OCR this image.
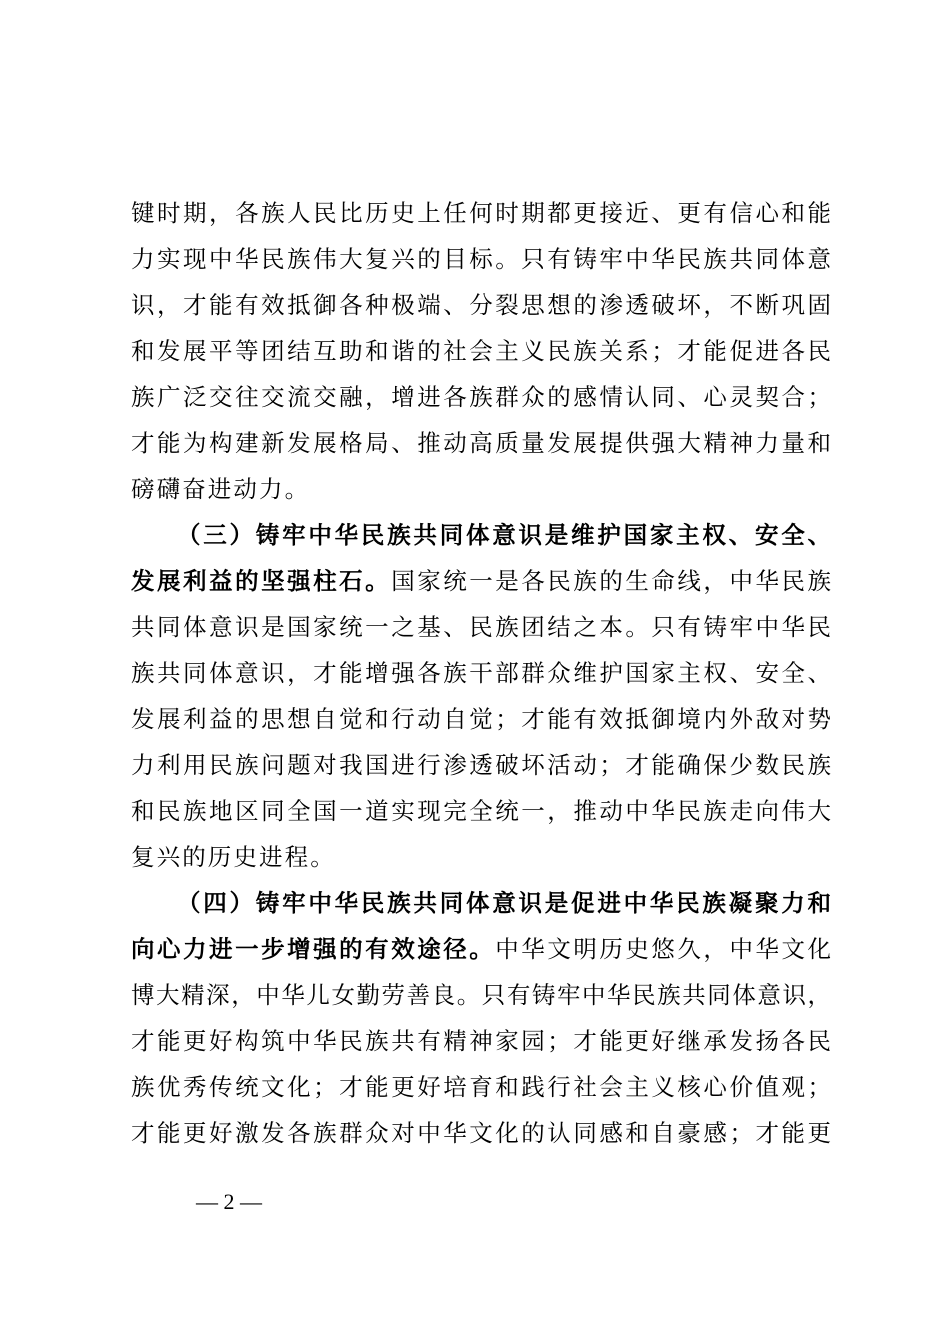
键时期，各族人民比历史上任何时期都更接近、更有信心和能
力实现中华民族伟大复兴的目标。只有铸牢中华民族共同体意
识，才能有效抵御各种极端、分裂思想的渗透破坏，不断巩固
和发展平等团结互助和谐的社会主义民族关系；才能促进各民
族广泛交往交流交融，增进各族群众的感情认同、心灵契合；
才能为构建新发展格局、推动高质量发展提供强大精神力量和
磅礴奋进动力。
（三）铸牢中华民族共同体意识是维护国家主权、安全、
发展利益的坚强柱石。国家统一是各民族的生命线，中华民族
共同体意识是国家统一之基、民族团结之本。只有铸牢中华民
族共同体意识，才能增强各族干部群众维护国家主权、安全、
发展利益的思想自觉和行动自觉；才能有效抵御境内外敌对势
力利用民族问题对我国进行渗透破坏活动；才能确保少数民族
和民族地区同全国一道实现完全统一，推动中华民族走向伟大
复兴的历史进程。
（四）铸牢中华民族共同体意识是促进中华民族凝聚力和
向心力进一步增强的有效途径。中华文明历史悠久，中华文化
博大精深，中华儿女勤劳善良。只有铸牢中华民族共同体意识，
才能更好构筑中华民族共有精神家园；才能更好继承发扬各民
族优秀传统文化；才能更好培育和践行社会主义核心价值观；
才能更好激发各族群众对中华文化的认同感和自豪感；才能更
— 2 —
